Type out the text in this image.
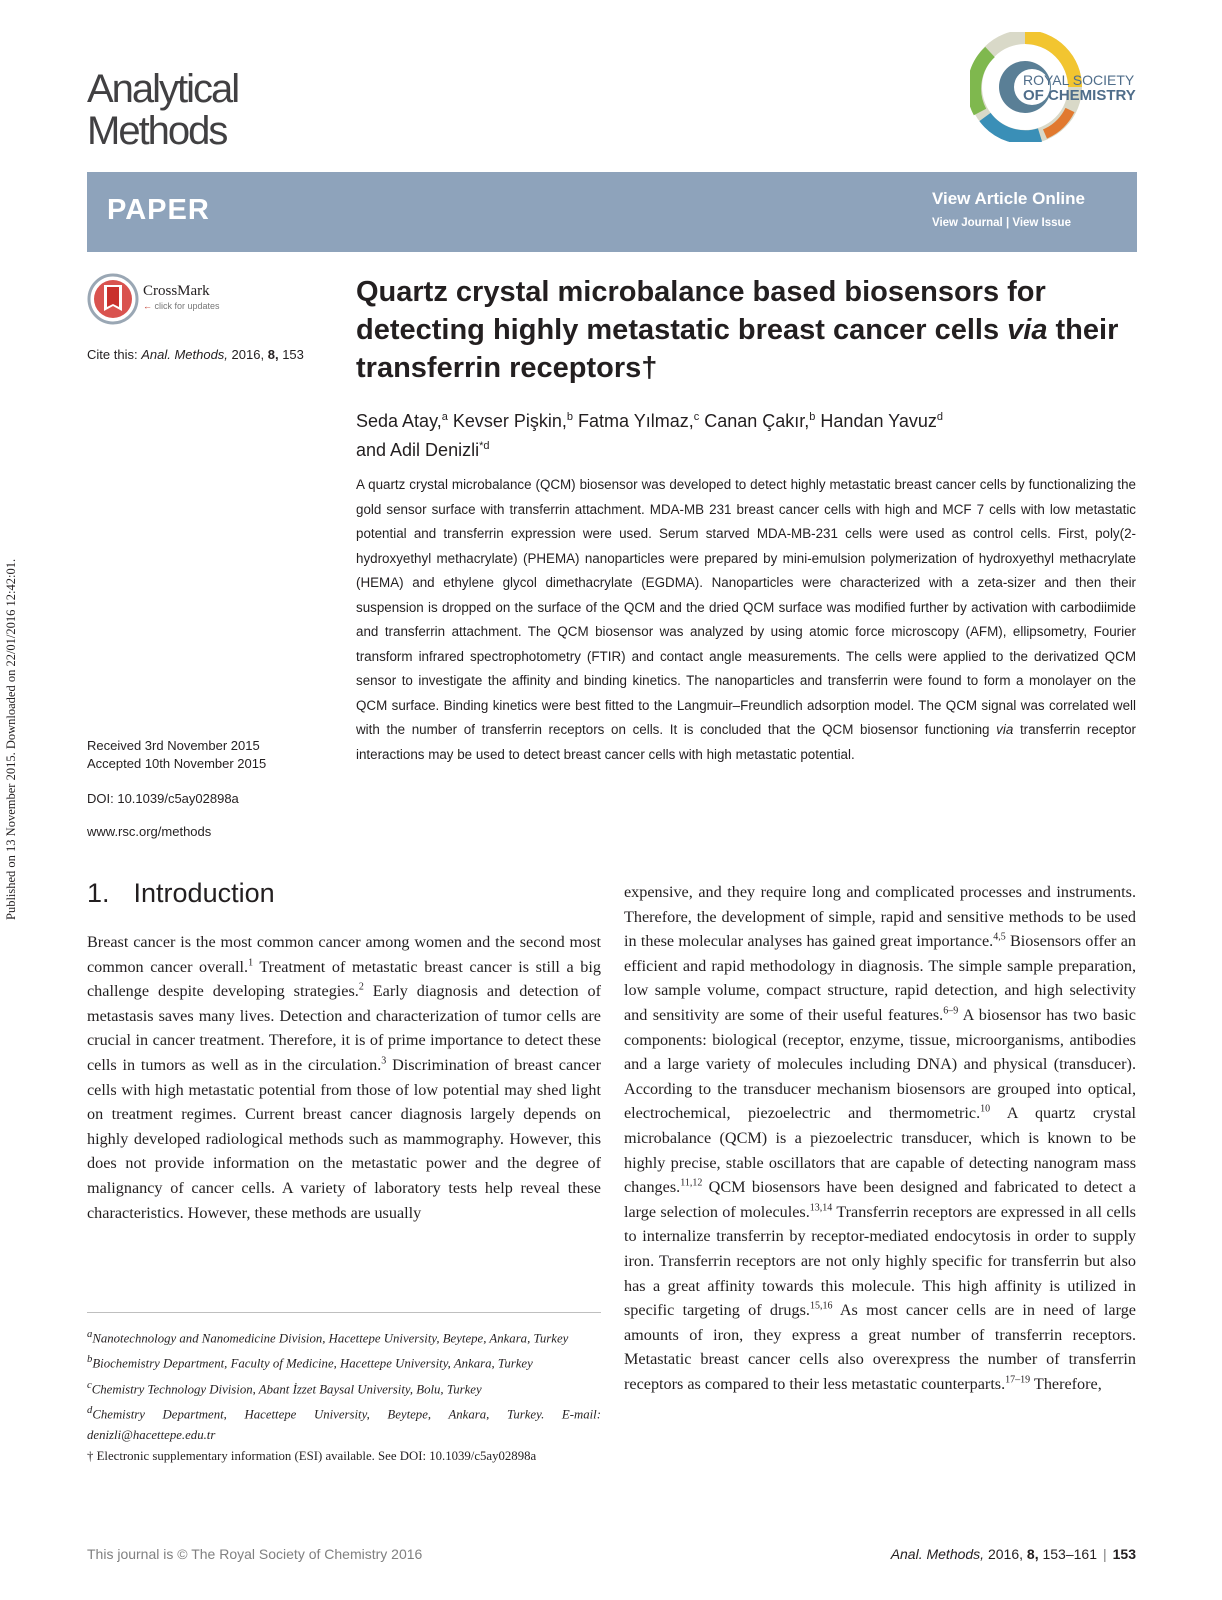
Analytical
Methods
ROYAL SOCIETY
OF CHEMISTRY
PAPER	View Article Online
View Journal | View Issue
CrossMark
← click for updates
Cite this: Anal. Methods, 2016, 8, 153
Quartz crystal microbalance based biosensors for detecting highly metastatic breast cancer cells via their transferrin receptors†
Seda Atay,$^a$ Kevser Pişkin,$^b$ Fatma Yılmaz,$^c$ Canan Çakır,$^b$ Handan Yavuz$^d$
and Adil Denizli$^{*d}$
A quartz crystal microbalance (QCM) biosensor was developed to detect highly metastatic breast cancer cells by functionalizing the gold sensor surface with transferrin attachment. MDA-MB 231 breast cancer cells with high and MCF 7 cells with low metastatic potential and transferrin expression were used. Serum starved MDA-MB-231 cells were used as control cells. First, poly(2-hydroxyethyl methacrylate) (PHEMA) nanoparticles were prepared by mini-emulsion polymerization of hydroxyethyl methacrylate (HEMA) and ethylene glycol dimethacrylate (EGDMA). Nanoparticles were characterized with a zeta-sizer and then their suspension is dropped on the surface of the QCM and the dried QCM surface was modified further by activation with carbodiimide and transferrin attachment. The QCM biosensor was analyzed by using atomic force microscopy (AFM), ellipsometry, Fourier transform infrared spectrophotometry (FTIR) and contact angle measurements. The cells were applied to the derivatized QCM sensor to investigate the affinity and binding kinetics. The nanoparticles and transferrin were found to form a monolayer on the QCM surface. Binding kinetics were best fitted to the Langmuir–Freundlich adsorption model. The QCM signal was correlated well with the number of transferrin receptors on cells. It is concluded that the QCM biosensor functioning via transferrin receptor interactions may be used to detect breast cancer cells with high metastatic potential.
Received 3rd November 2015
Accepted 10th November 2015
DOI: 10.1039/c5ay02898a
www.rsc.org/methods
Published on 13 November 2015. Downloaded on 22/01/2016 12:42:01.	1. Introduction

Breast cancer is the most common cancer among women and the second most common cancer overall.$^1$ Treatment of metastatic breast cancer is still a big challenge despite developing strategies.$^2$ Early diagnosis and detection of metastasis saves many lives. Detection and characterization of tumor cells are crucial in cancer treatment. Therefore, it is of prime importance to detect these cells in tumors as well as in the circulation.$^3$ Discrimination of breast cancer cells with high metastatic potential from those of low potential may shed light on treatment regimes. Current breast cancer diagnosis largely depends on highly developed radiological methods such as mammography. However, this does not provide information on the metastatic power and the degree of malignancy of cancer cells. A variety of laboratory tests help reveal these characteristics. However, these methods are usually

expensive, and they require long and complicated processes and instruments. Therefore, the development of simple, rapid and sensitive methods to be used in these molecular analyses has gained great importance.$^{4,5}$ Biosensors offer an efficient and rapid methodology in diagnosis. The simple sample preparation, low sample volume, compact structure, rapid detection, and high selectivity and sensitivity are some of their useful features.$^{6-9}$ A biosensor has two basic components: biological (receptor, enzyme, tissue, microorganisms, antibodies and a large variety of molecules including DNA) and physical (transducer). According to the transducer mechanism biosensors are grouped into optical, electrochemical, piezoelectric and thermometric.$^{10}$ A quartz crystal microbalance (QCM) is a piezoelectric transducer, which is known to be highly precise, stable oscillators that are capable of detecting nanogram mass changes.$^{11,12}$ QCM biosensors have been designed and fabricated to detect a large selection of molecules.$^{13,14}$ Transferrin receptors are expressed in all cells to internalize transferrin by receptor-mediated endocytosis in order to supply iron. Transferrin receptors are not only highly specific for transferrin but also has a great affinity towards this molecule. This high affinity is utilized in specific targeting of drugs.$^{15,16}$ As most cancer cells are in need of large amounts of iron, they express a great number of transferrin receptors. Metastatic breast cancer cells also overexpress the number of transferrin receptors as compared to their less metastatic counterparts.$^{17-19}$ Therefore,

$^a$Nanotechnology and Nanomedicine Division, Hacettepe University, Beytepe, Ankara, Turkey
$^b$Biochemistry Department, Faculty of Medicine, Hacettepe University, Ankara, Turkey
$^c$Chemistry Technology Division, Abant İzzet Baysal University, Bolu, Turkey
$^d$Chemistry Department, Hacettepe University, Beytepe, Ankara, Turkey. E-mail: denizli@hacettepe.edu.tr
† Electronic supplementary information (ESI) available. See DOI: 10.1039/c5ay02898a
This journal is © The Royal Society of Chemistry 2016	Anal. Methods, 2016, 8, 153–161 | 153
